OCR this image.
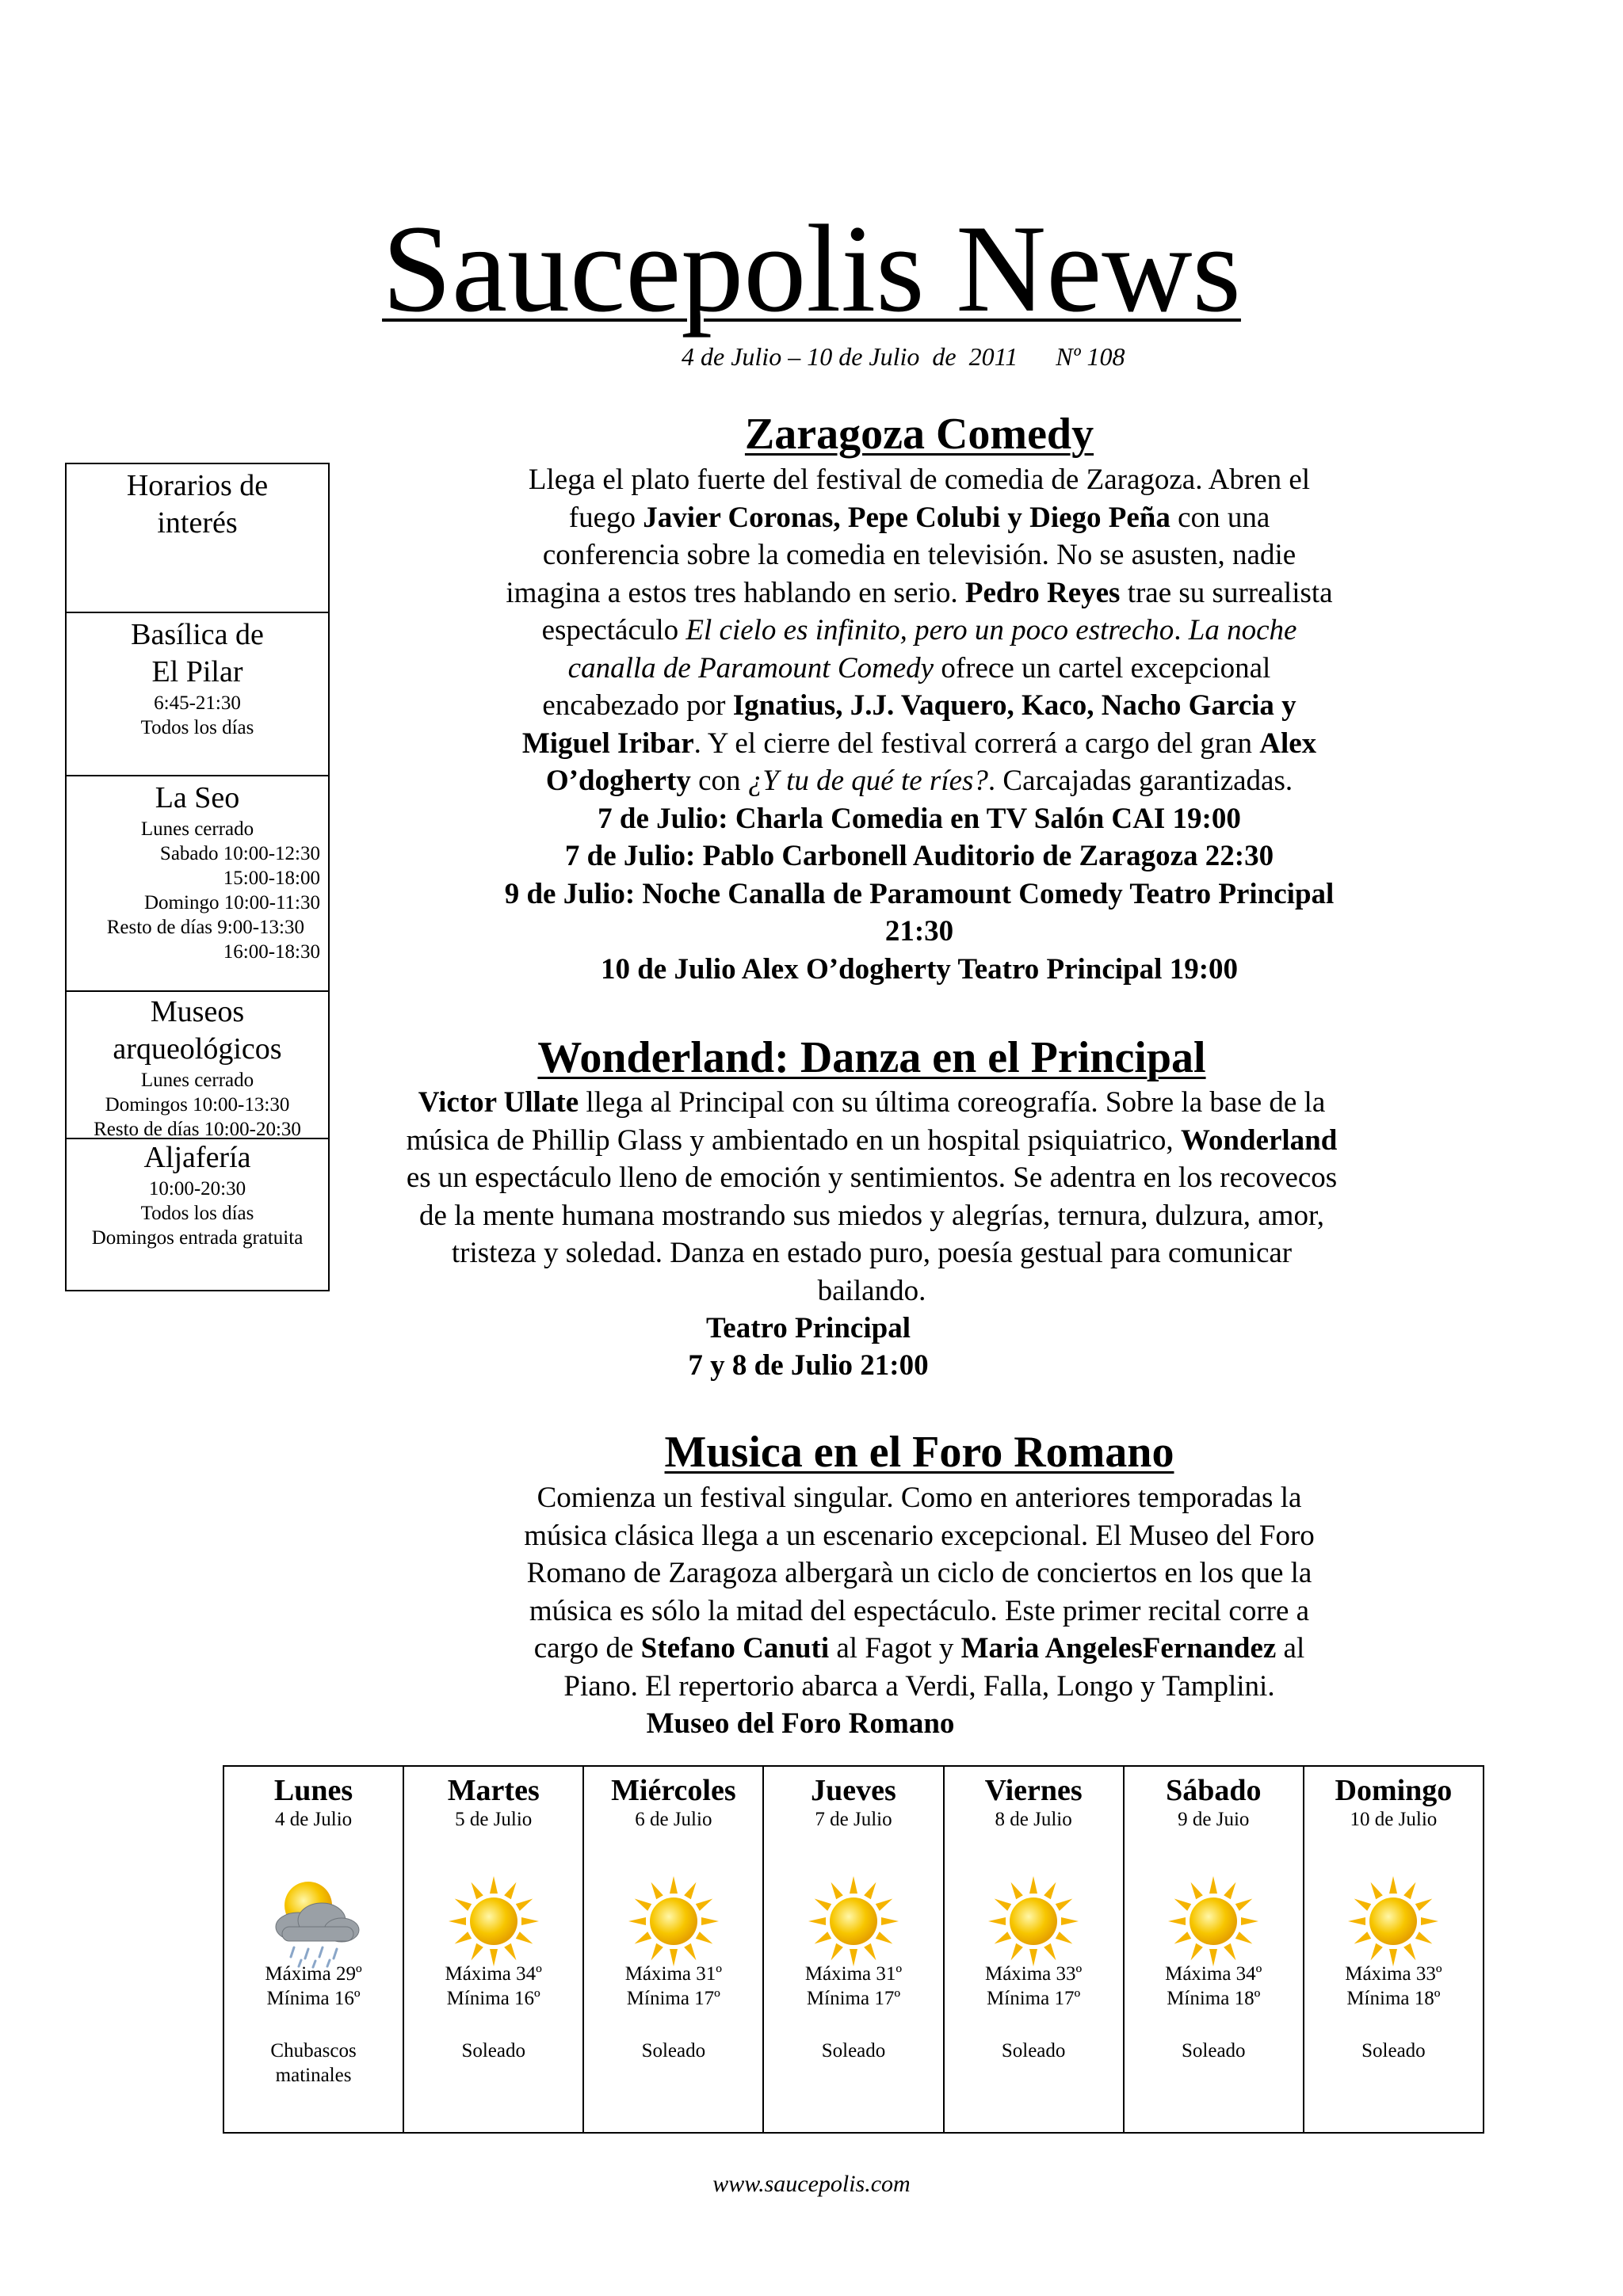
Saucepolis News
4 de Julio – 10 de Julio  de  2011 Nº 108
Horarios de
interés
Basílica de
El Pilar
6:45-21:30
Todos los días
La Seo
Lunes cerrado
Sabado 10:00-12:30
15:00-18:00
Domingo 10:00-11:30
Resto de días 9:00-13:30
16:00-18:30
Museos
arqueológicos
Lunes cerrado
Domingos 10:00-13:30
Resto de días 10:00-20:30
Aljafería
10:00-20:30
Todos los días
Domingos entrada gratuita
Zaragoza Comedy
Llega el plato fuerte del festival de comedia de Zaragoza. Abren el
fuego Javier Coronas, Pepe Colubi y Diego Peña con una
conferencia sobre la comedia en televisión. No se asusten, nadie
imagina a estos tres hablando en serio. Pedro Reyes trae su surrealista
espectáculo El cielo es infinito, pero un poco estrecho. La noche
canalla de Paramount Comedy ofrece un cartel excepcional
encabezado por Ignatius, J.J. Vaquero, Kaco, Nacho Garcia y
Miguel Iribar. Y el cierre del festival correrá a cargo del gran Alex
O’dogherty con ¿Y tu de qué te ríes?. Carcajadas garantizadas.
7 de Julio: Charla Comedia en TV Salón CAI 19:00
7 de Julio: Pablo Carbonell Auditorio de Zaragoza 22:30
9 de Julio: Noche Canalla de Paramount Comedy Teatro Principal
21:30
10 de Julio Alex O’dogherty Teatro Principal 19:00
Wonderland: Danza en el Principal
Victor Ullate llega al Principal con su última coreografía. Sobre la base de la
música de Phillip Glass y ambientado en un hospital psiquiatrico, Wonderland
es un espectáculo lleno de emoción y sentimientos. Se adentra en los recovecos
de la mente humana mostrando sus miedos y alegrías, ternura, dulzura, amor,
tristeza y soledad. Danza en estado puro, poesía gestual para comunicar
bailando.
Teatro Principal
7 y 8 de Julio 21:00
Musica en el Foro Romano
Comienza un festival singular. Como en anteriores temporadas la
música clásica llega a un escenario excepcional. El Museo del Foro
Romano de Zaragoza albergarà un ciclo de conciertos en los que la
música es sólo la mitad del espectáculo. Este primer recital corre a
cargo de Stefano Canuti al Fagot y Maria AngelesFernandez al
Piano. El repertorio abarca a Verdi, Falla, Longo y Tamplini.
Museo del Foro Romano
Lunes
4 de Julio
Máxima 29º
Mínima 16º
Chubascos
matinales
Martes
5 de Julio
Máxima 34º
Mínima 16º
Soleado
Miércoles
6 de Julio
Máxima 31º
Mínima 17º
Soleado
Jueves
7 de Julio
Máxima 31º
Mínima 17º
Soleado
Viernes
8 de Julio
Máxima 33º
Mínima 17º
Soleado
Sábado
9 de Juio
Máxima 34º
Mínima 18º
Soleado
Domingo
10 de Julio
Máxima 33º
Mínima 18º
Soleado
www.saucepolis.com
